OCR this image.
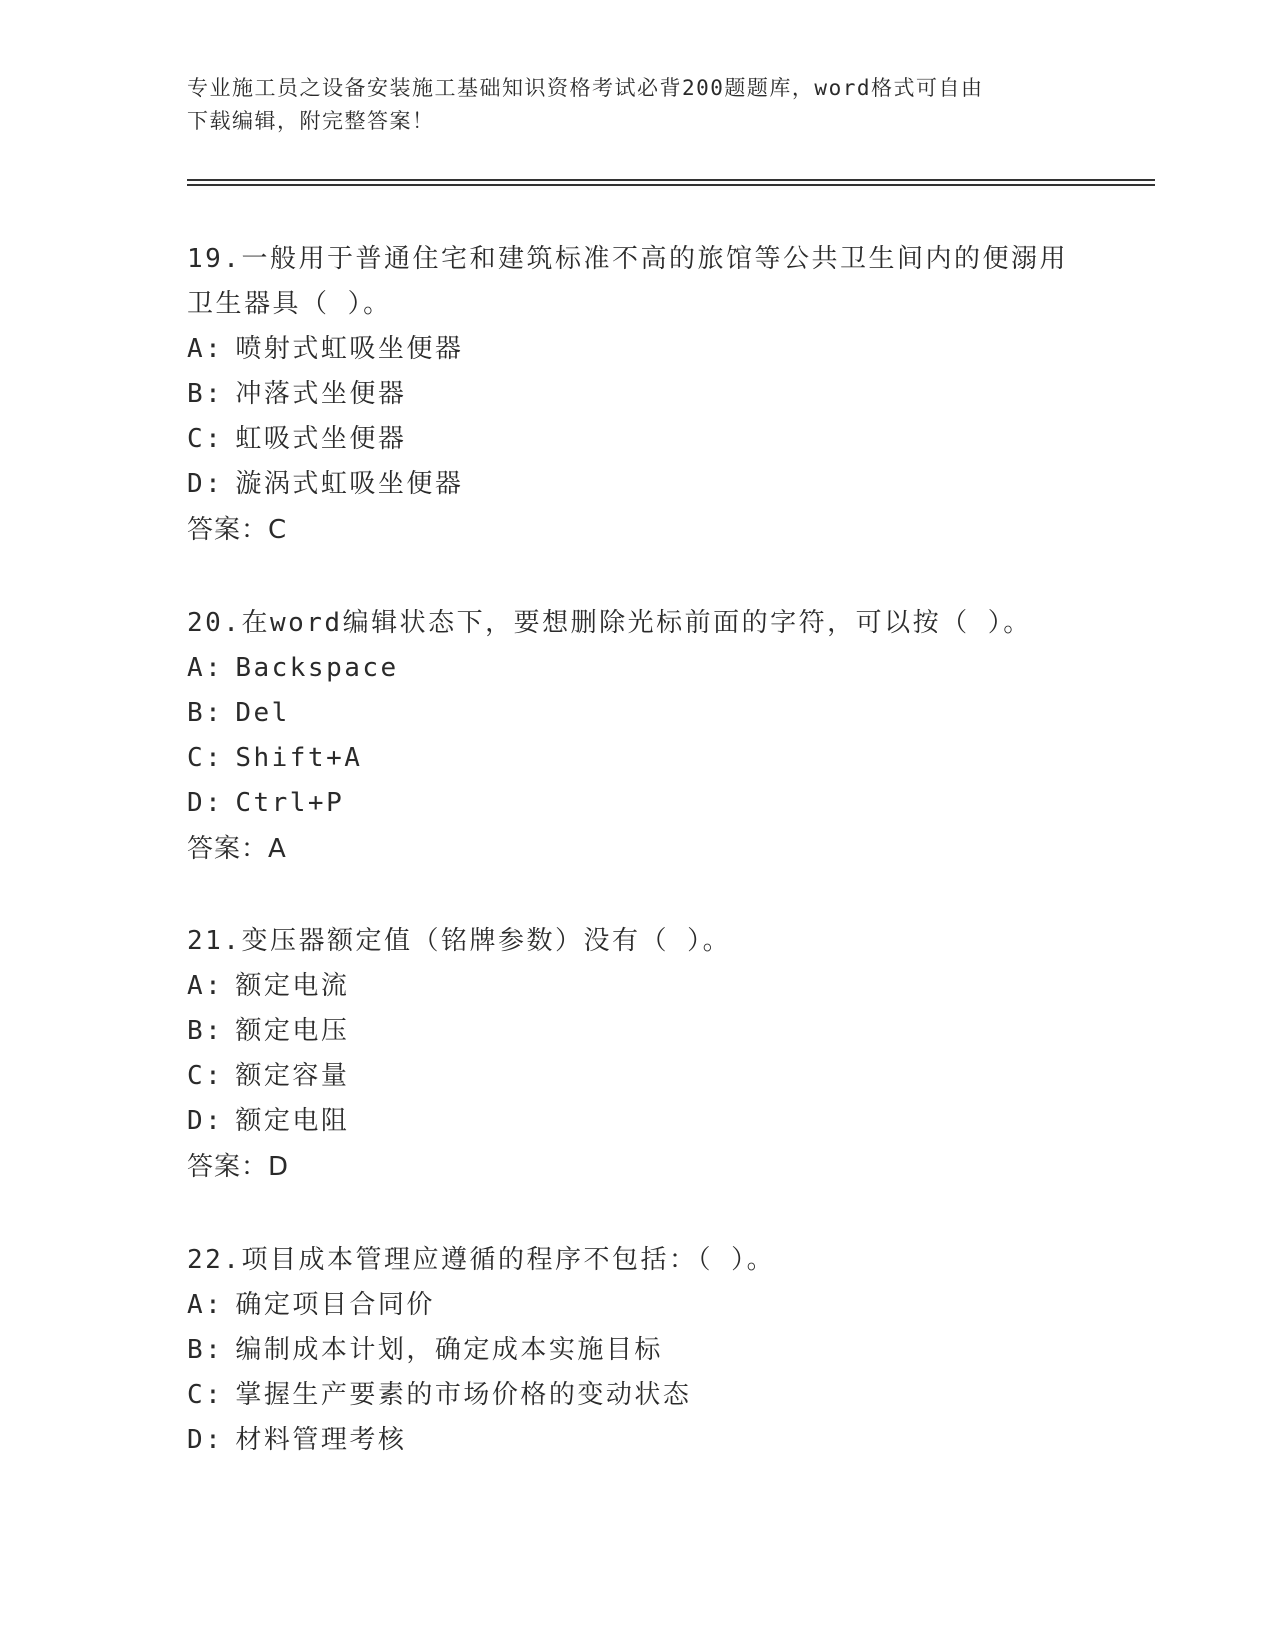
专业施工员之设备安装施工基础知识资格考试必背200题题库，word格式可自由
下载编辑，附完整答案！

19.一般用于普通住宅和建筑标准不高的旅馆等公共卫生间内的便溺用

卫生器具（ ）。

A: 喷射式虹吸坐便器

B: 冲落式坐便器

C: 虹吸式坐便器

D: 漩涡式虹吸坐便器

答案：C

20.在word编辑状态下，要想删除光标前面的字符，可以按（ ）。

A: Backspace

B: Del

C: Shift+A

D: Ctrl+P

答案：A

21.变压器额定值（铭牌参数）没有（ ）。

A: 额定电流

B: 额定电压

C: 额定容量

D: 额定电阻

答案：D

22.项目成本管理应遵循的程序不包括：（ ）。

A: 确定项目合同价

B: 编制成本计划，确定成本实施目标

C: 掌握生产要素的市场价格的变动状态

D: 材料管理考核
